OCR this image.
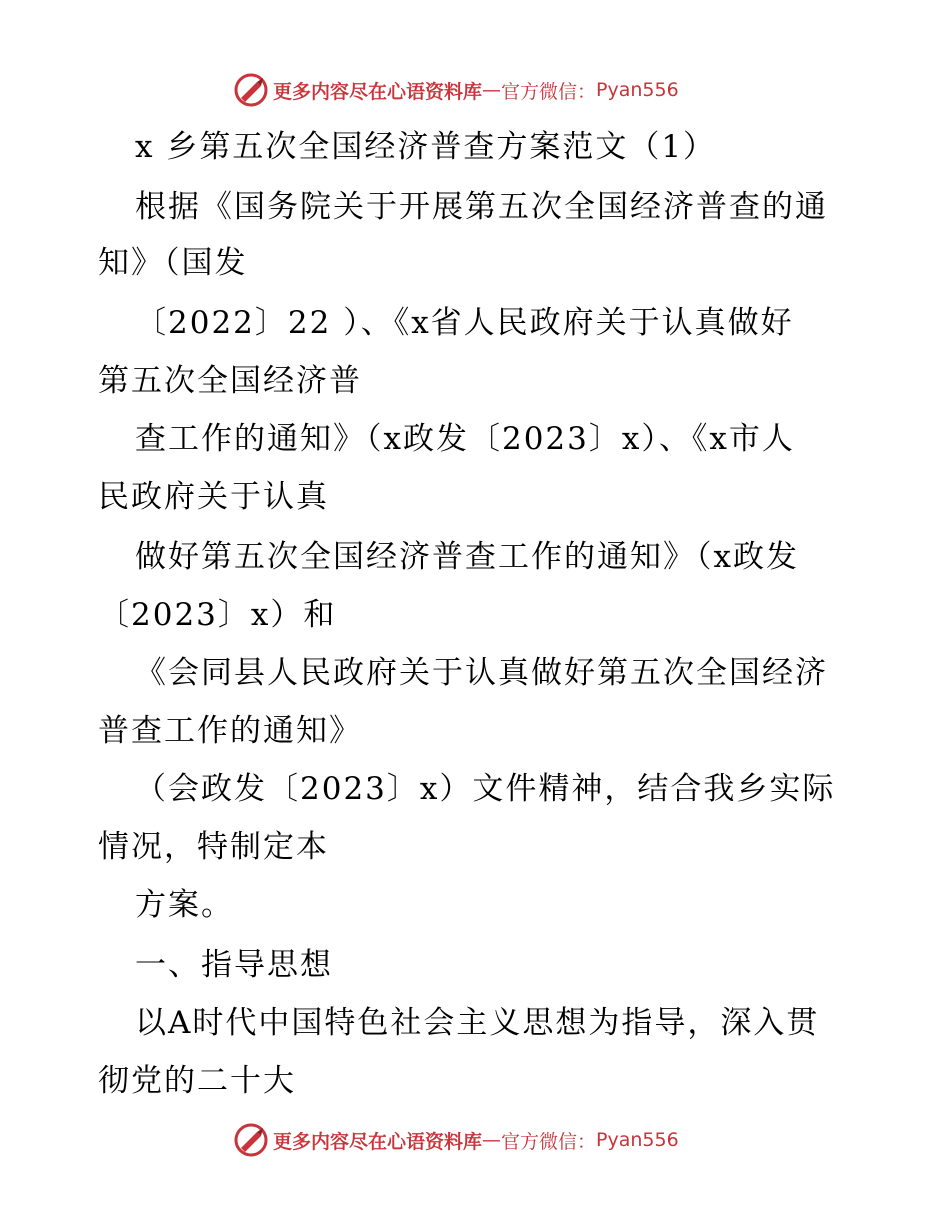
更多内容尽在心语资料库 — 官方微信： Pyan556
x 乡第五次全国经济普查方案范文（1）
根据《国务院关于开展第五次全国经济普查的通
知》（国发
〔2022〕22 ）、《x省人民政府关于认真做好
第五次全国经济普
查工作的通知》（x政发〔2023〕x）、《x市人
民政府关于认真
做好第五次全国经济普查工作的通知》（x政发
〔2023〕x）和
《会同县人民政府关于认真做好第五次全国经济
普查工作的通知》
（会政发〔2023〕x）文件精神，结合我乡实际
情况，特制定本
方案。
一、指导思想
以A时代中国特色社会主义思想为指导，深入贯
彻党的二十大
更多内容尽在心语资料库 — 官方微信： Pyan556
